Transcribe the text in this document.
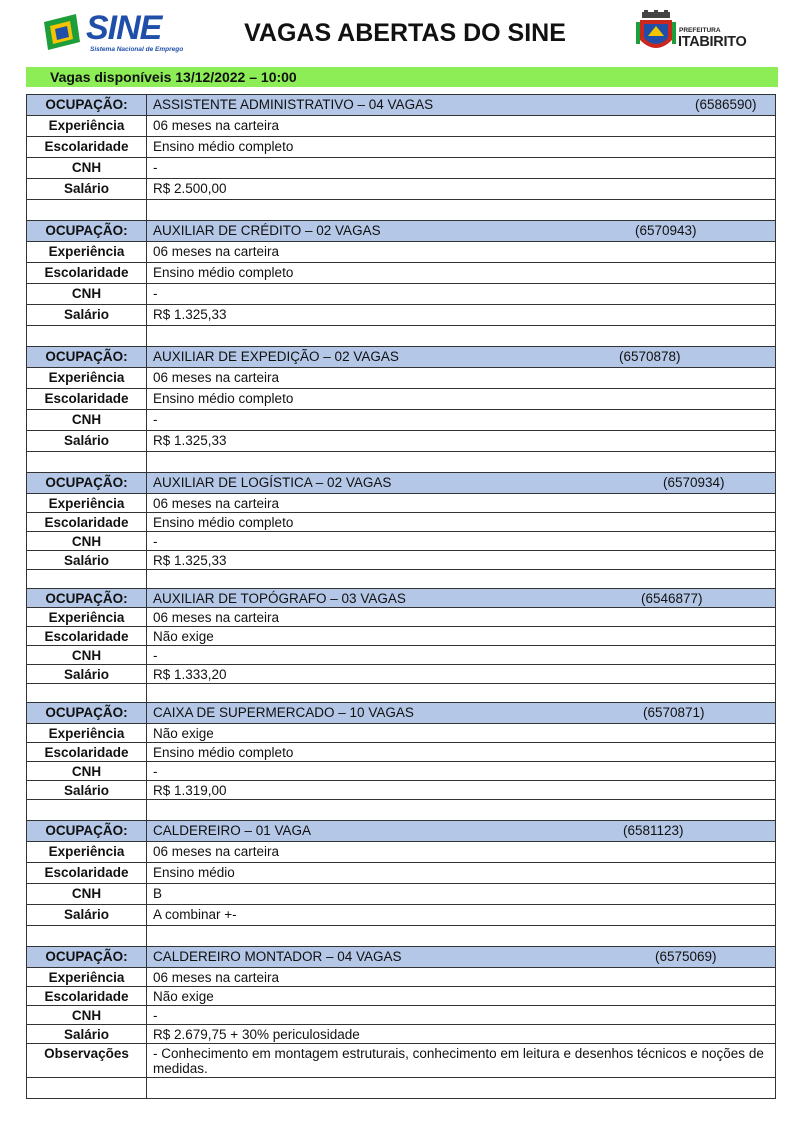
SINE
Sistema Nacional de Emprego
VAGAS ABERTAS DO SINE	PREFEITURA
ITABIRITO
Vagas disponíveis 13/12/2022 – 10:00
OCUPAÇÃO:	ASSISTENTE ADMINISTRATIVO – 04 VAGAS (6586590)

Experiência	06 meses na carteira
Escolaridade	Ensino médio completo
CNH	-
Salário	R$ 2.500,00

OCUPAÇÃO:	AUXILIAR DE CRÉDITO – 02 VAGAS (6570943)

Experiência	06 meses na carteira
Escolaridade	Ensino médio completo
CNH	-
Salário	R$ 1.325,33

OCUPAÇÃO:	AUXILIAR DE EXPEDIÇÃO – 02 VAGAS (6570878)

Experiência	06 meses na carteira
Escolaridade	Ensino médio completo
CNH	-
Salário	R$ 1.325,33

OCUPAÇÃO:	AUXILIAR DE LOGÍSTICA – 02 VAGAS (6570934)

Experiência	06 meses na carteira
Escolaridade	Ensino médio completo
CNH	-
Salário	R$ 1.325,33

OCUPAÇÃO:	AUXILIAR DE TOPÓGRAFO – 03 VAGAS (6546877)

Experiência	06 meses na carteira
Escolaridade	Não exige
CNH	-
Salário	R$ 1.333,20

OCUPAÇÃO:	CAIXA DE SUPERMERCADO – 10 VAGAS (6570871)

Experiência	Não exige
Escolaridade	Ensino médio completo
CNH	-
Salário	R$ 1.319,00

OCUPAÇÃO:	CALDEREIRO – 01 VAGA (6581123)

Experiência	06 meses na carteira
Escolaridade	Ensino médio
CNH	B
Salário	A combinar +-

OCUPAÇÃO:	CALDEREIRO MONTADOR – 04 VAGAS (6575069)

Experiência	06 meses na carteira
Escolaridade	Não exige
CNH	-
Salário	R$ 2.679,75 + 30% periculosidade
Observações	- Conhecimento em montagem estruturais, conhecimento em leitura e desenhos técnicos e noções de medidas.
